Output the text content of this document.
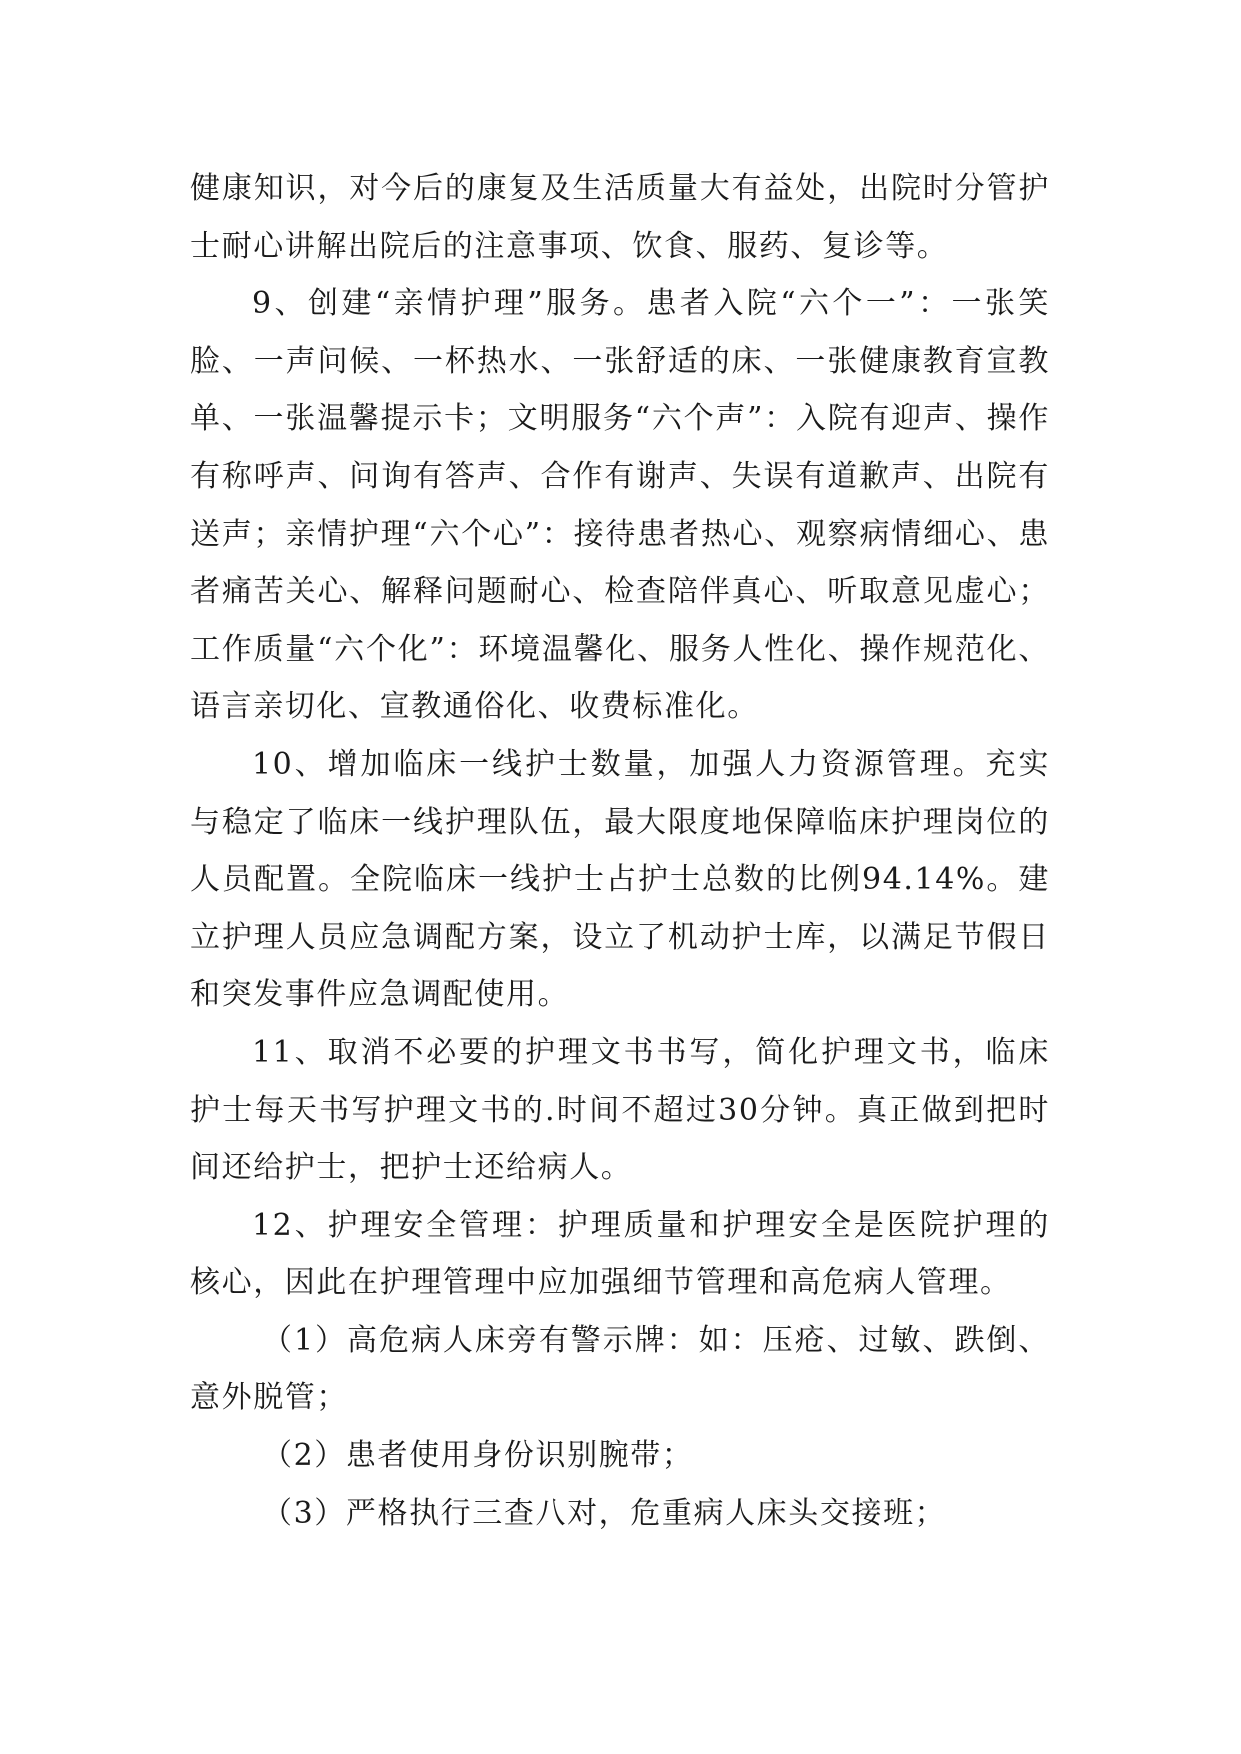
健康知识，对今后的康复及生活质量大有益处，出院时分管护士耐心讲解出院后的注意事项、饮食、服药、复诊等。

9、创建“亲情护理”服务。患者入院“六个一”：一张笑脸、一声问候、一杯热水、一张舒适的床、一张健康教育宣教单、一张温馨提示卡；文明服务“六个声”：入院有迎声、操作有称呼声、问询有答声、合作有谢声、失误有道歉声、出院有送声；亲情护理“六个心”：接待患者热心、观察病情细心、患者痛苦关心、解释问题耐心、检查陪伴真心、听取意见虚心；工作质量“六个化”：环境温馨化、服务人性化、操作规范化、语言亲切化、宣教通俗化、收费标准化。

10、增加临床一线护士数量，加强人力资源管理。充实与稳定了临床一线护理队伍，最大限度地保障临床护理岗位的人员配置。全院临床一线护士占护士总数的比例94.14%。建立护理人员应急调配方案，设立了机动护士库，以满足节假日和突发事件应急调配使用。

11、取消不必要的护理文书书写，简化护理文书，临床护士每天书写护理文书的.时间不超过30分钟。真正做到把时间还给护士，把护士还给病人。

12、护理安全管理：护理质量和护理安全是医院护理的核心，因此在护理管理中应加强细节管理和高危病人管理。

（1）高危病人床旁有警示牌：如：压疮、过敏、跌倒、意外脱管；

（2）患者使用身份识别腕带；

（3）严格执行三查八对，危重病人床头交接班；
